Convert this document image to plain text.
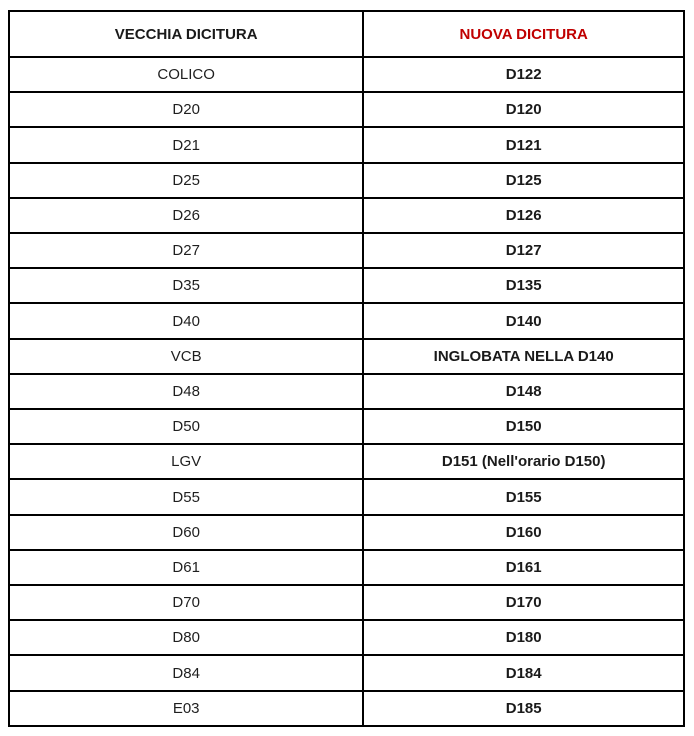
VECCHIA DICITURA	NUOVA DICITURA
COLICO	D122
D20	D120
D21	D121
D25	D125
D26	D126
D27	D127
D35	D135
D40	D140
VCB	INGLOBATA NELLA D140
D48	D148
D50	D150
LGV	D151 (Nell'orario D150)
D55	D155
D60	D160
D61	D161
D70	D170
D80	D180
D84	D184
E03	D185
